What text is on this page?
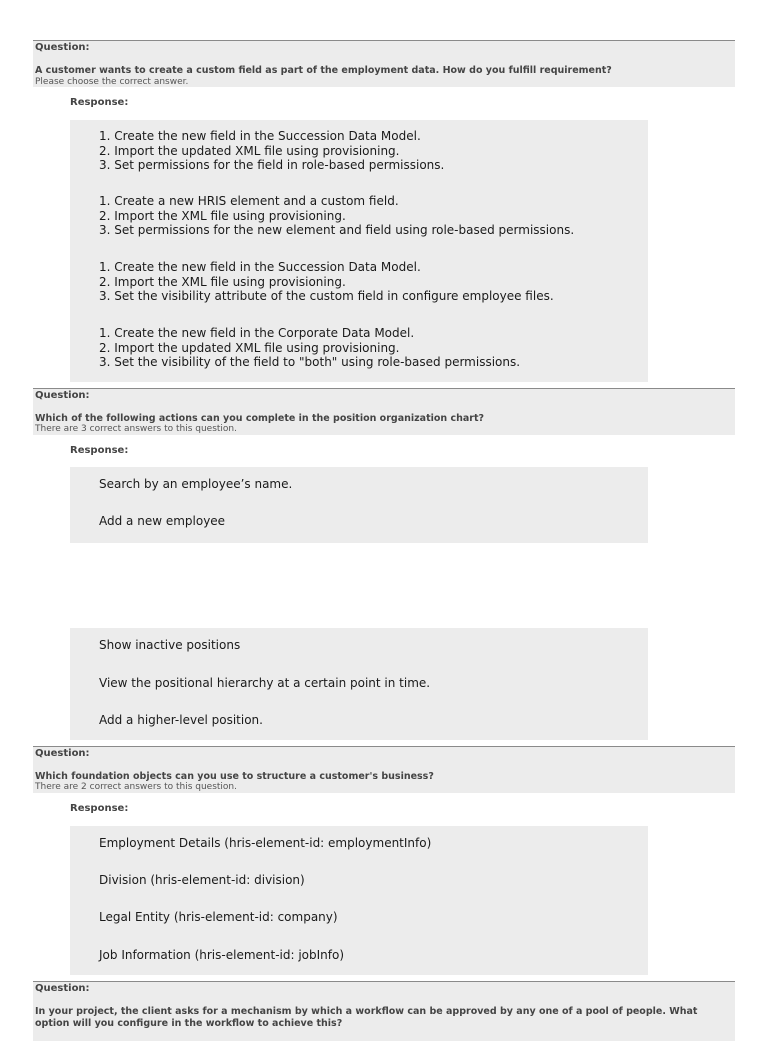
Question:
A customer wants to create a custom field as part of the employment data. How do you fulfill requirement?
Please choose the correct answer.
Response:
1. Create the new field in the Succession Data Model.
2. Import the updated XML file using provisioning.
3. Set permissions for the field in role-based permissions.
1. Create a new HRIS element and a custom field.
2. Import the XML file using provisioning.
3. Set permissions for the new element and field using role-based permissions.
1. Create the new field in the Succession Data Model.
2. Import the XML file using provisioning.
3. Set the visibility attribute of the custom field in configure employee files.
1. Create the new field in the Corporate Data Model.
2. Import the updated XML file using provisioning.
3. Set the visibility of the field to "both" using role-based permissions.
Question:
Which of the following actions can you complete in the position organization chart?
There are 3 correct answers to this question.
Response:
Search by an employee’s name.
Add a new employee
Show inactive positions
View the positional hierarchy at a certain point in time.
Add a higher-level position.
Question:
Which foundation objects can you use to structure a customer's business?
There are 2 correct answers to this question.
Response:
Employment Details (hris-element-id: employmentInfo)
Division (hris-element-id: division)
Legal Entity (hris-element-id: company)
Job Information (hris-element-id: jobInfo)
Question:
In your project, the client asks for a mechanism by which a workflow can be approved by any one of a pool of people. What
option will you configure in the workflow to achieve this?
